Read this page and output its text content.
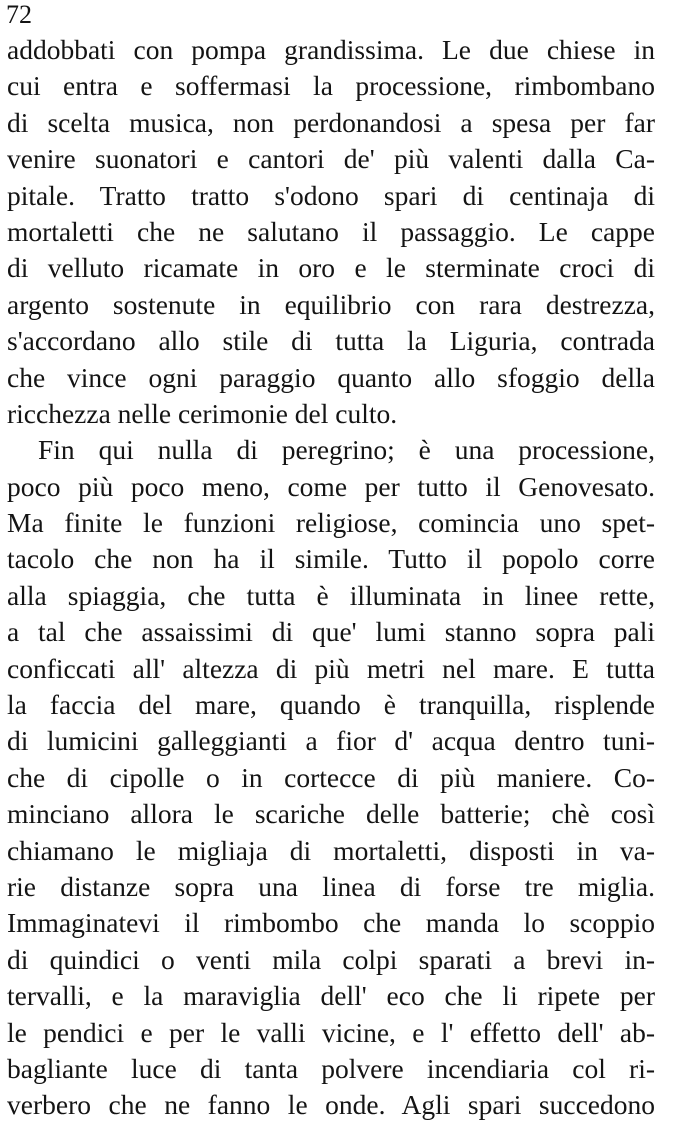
72
addobbati con pompa grandissima. Le due chiese in
cui entra e soffermasi la processione, rimbombano
di scelta musica, non perdonandosi a spesa per far
venire suonatori e cantori de' più valenti dalla Ca-
pitale. Tratto tratto s'odono spari di centinaja di
mortaletti che ne salutano il passaggio. Le cappe
di velluto ricamate in oro e le sterminate croci di
argento sostenute in equilibrio con rara destrezza,
s'accordano allo stile di tutta la Liguria, contrada
che vince ogni paraggio quanto allo sfoggio della
ricchezza nelle cerimonie del culto.
Fin qui nulla di peregrino; è una processione,
poco più poco meno, come per tutto il Genovesato.
Ma finite le funzioni religiose, comincia uno spet-
tacolo che non ha il simile. Tutto il popolo corre
alla spiaggia, che tutta è illuminata in linee rette,
a tal che assaissimi di que' lumi stanno sopra pali
conficcati all' altezza di più metri nel mare. E tutta
la faccia del mare, quando è tranquilla, risplende
di lumicini galleggianti a fior d' acqua dentro tuni-
che di cipolle o in cortecce di più maniere. Co-
minciano allora le scariche delle batterie; chè così
chiamano le migliaja di mortaletti, disposti in va-
rie distanze sopra una linea di forse tre miglia.
Immaginatevi il rimbombo che manda lo scoppio
di quindici o venti mila colpi sparati a brevi in-
tervalli, e la maraviglia dell' eco che li ripete per
le pendici e per le valli vicine, e l' effetto dell' ab-
bagliante luce di tanta polvere incendiaria col ri-
verbero che ne fanno le onde. Agli spari succedono
